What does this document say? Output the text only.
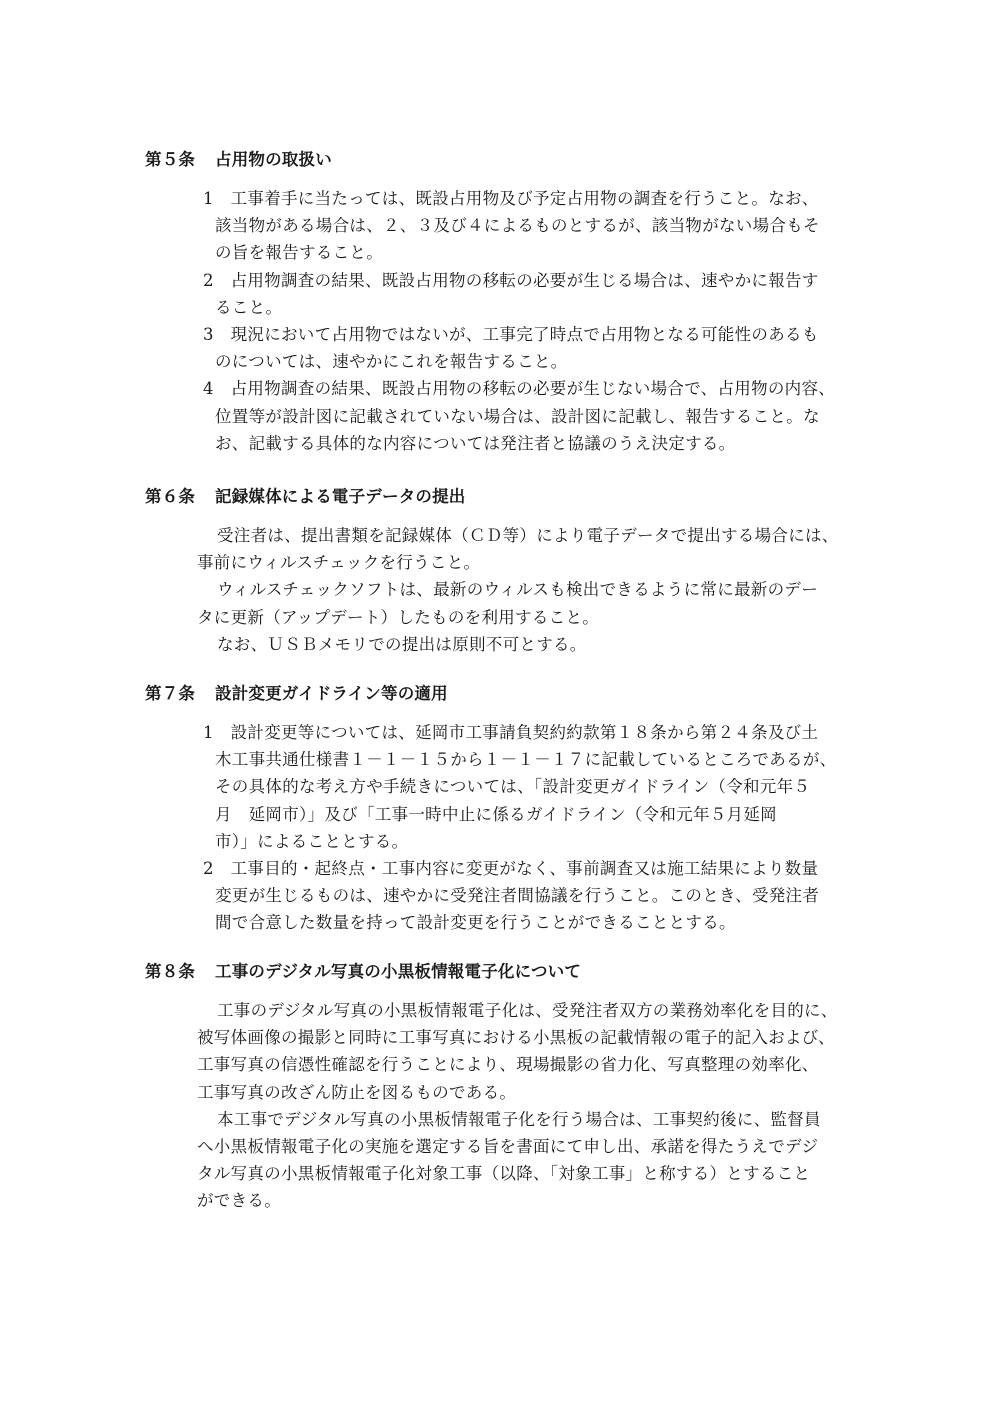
第５条 占用物の取扱い
1　工事着手に当たっては、既設占用物及び予定占用物の調査を行うこと。なお、
該当物がある場合は、２、３及び４によるものとするが、該当物がない場合もそ
の旨を報告すること。
2　占用物調査の結果、既設占用物の移転の必要が生じる場合は、速やかに報告す
ること。
3　現況において占用物ではないが、工事完了時点で占用物となる可能性のあるも
のについては、速やかにこれを報告すること。
4　占用物調査の結果、既設占用物の移転の必要が生じない場合で、占用物の内容、
位置等が設計図に記載されていない場合は、設計図に記載し、報告すること。な
お、記載する具体的な内容については発注者と協議のうえ決定する。
第６条 記録媒体による電子データの提出
受注者は、提出書類を記録媒体（ＣＤ等）により電子データで提出する場合には、
事前にウィルスチェックを行うこと。
ウィルスチェックソフトは、最新のウィルスも検出できるように常に最新のデー
タに更新（アップデート）したものを利用すること。
なお、ＵＳＢメモリでの提出は原則不可とする。
第７条 設計変更ガイドライン等の適用
1　設計変更等については、延岡市工事請負契約約款第１８条から第２４条及び土
木工事共通仕様書１－１－１５から１－１－１７に記載しているところであるが、
その具体的な考え方や手続きについては、「設計変更ガイドライン（令和元年５
月　延岡市）」及び「工事一時中止に係るガイドライン（令和元年５月延岡
市）」によることとする。
2　工事目的・起終点・工事内容に変更がなく、事前調査又は施工結果により数量
変更が生じるものは、速やかに受発注者間協議を行うこと。このとき、受発注者
間で合意した数量を持って設計変更を行うことができることとする。
第８条 工事のデジタル写真の小黒板情報電子化について
工事のデジタル写真の小黒板情報電子化は、受発注者双方の業務効率化を目的に、
被写体画像の撮影と同時に工事写真における小黒板の記載情報の電子的記入および、
工事写真の信憑性確認を行うことにより、現場撮影の省力化、写真整理の効率化、
工事写真の改ざん防止を図るものである。
本工事でデジタル写真の小黒板情報電子化を行う場合は、工事契約後に、監督員
へ小黒板情報電子化の実施を選定する旨を書面にて申し出、承諾を得たうえでデジ
タル写真の小黒板情報電子化対象工事（以降、「対象工事」と称する）とすること
ができる。
